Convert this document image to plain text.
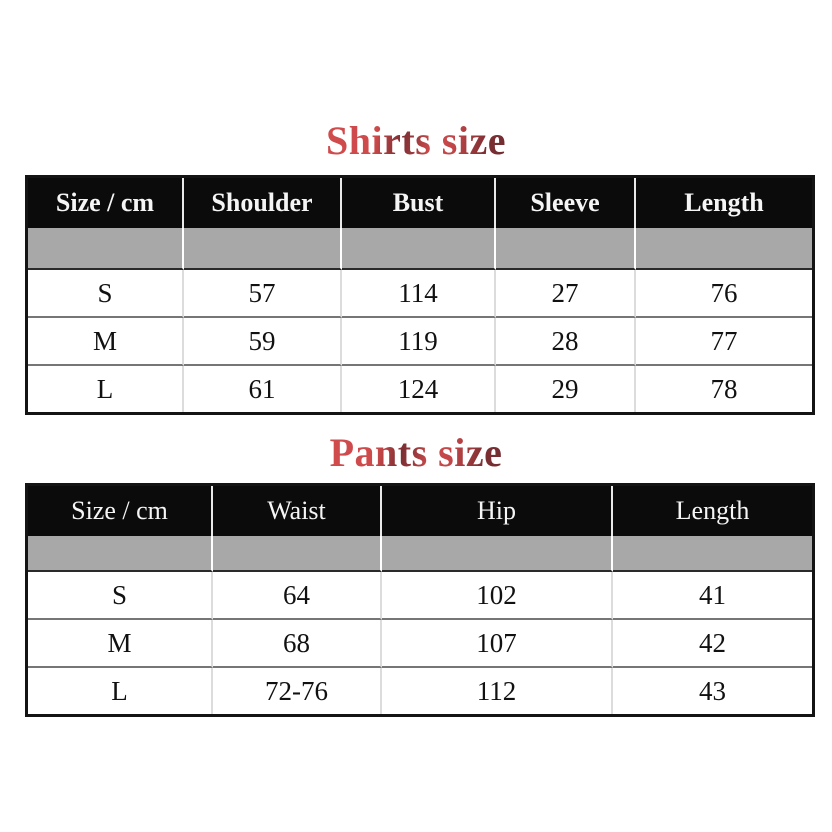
Shirts size
Size / cm	Shoulder	Bust	Sleeve	Length

S	57	114	27	76
M	59	119	28	77
L	61	124	29	78
Pants size
Size / cm	Waist	Hip	Length

S	64	102	41
M	68	107	42
L	72-76	112	43
